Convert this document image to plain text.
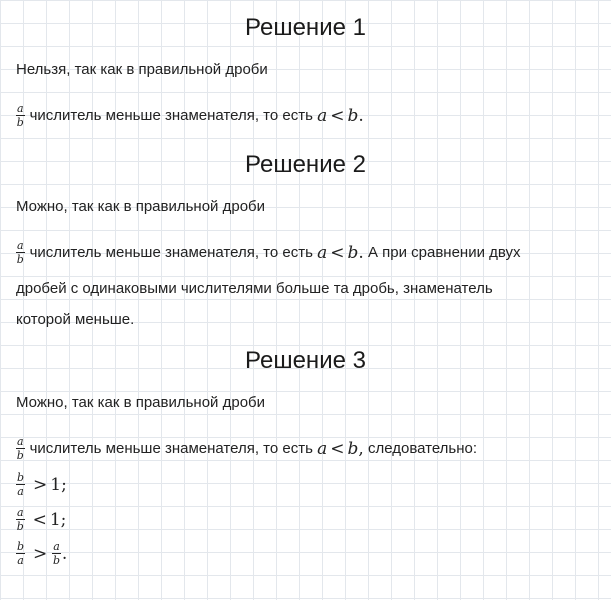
Решение 1
Нельзя, так как в правильной дроби
$\frac{a}{b}$ числитель меньше знаменателя, то есть
a < b .
Решение 2
Можно, так как в правильной дроби
$\frac{a}{b}$ числитель меньше знаменателя, то есть
a < b .
А при сравнении двух
дробей с одинаковыми числителями больше та дробь, знаменатель
которой меньше.
Решение 3
Можно, так как в правильной дроби
$\frac{a}{b}$ числитель меньше знаменателя, то есть
a < b ,
следовательно:
$\frac{b}{a} > 1$ ;
$\frac{a}{b} < 1$ ;
$\frac{b}{a} > \frac{a}{b}$ .
